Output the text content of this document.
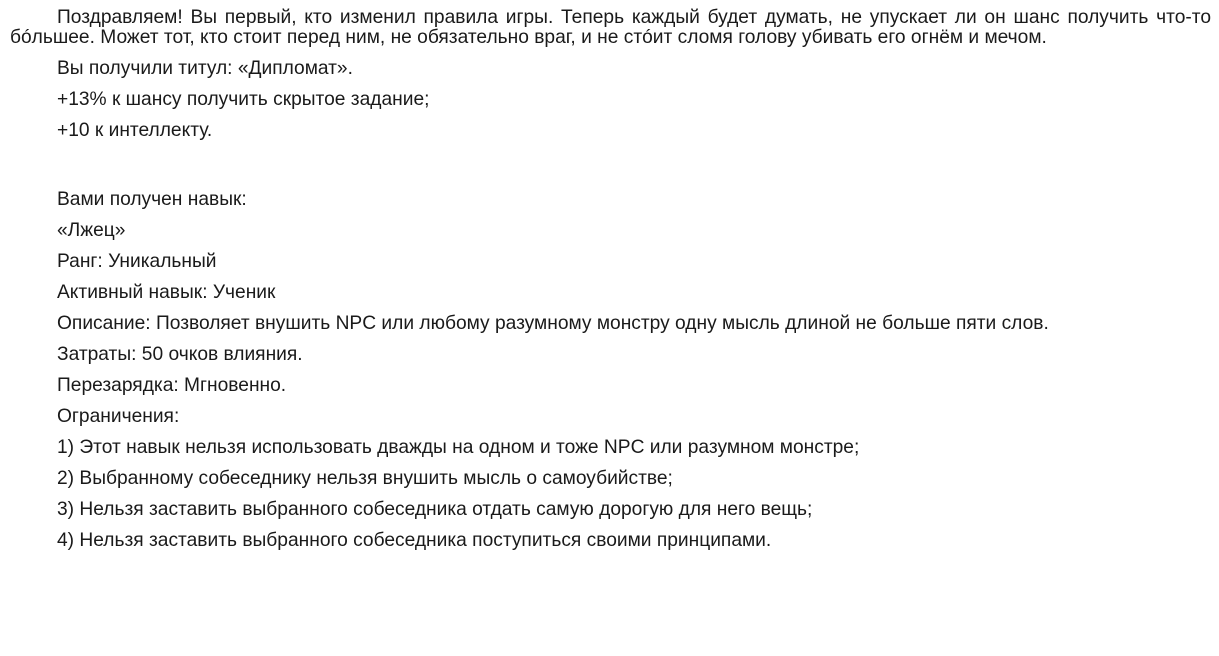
Поздравляем! Вы первый, кто изменил правила игры. Теперь каждый будет думать, не упускает ли он шанс получить что-то бóльшее. Может тот, кто стоит перед ним, не обязательно враг, и не стóит сломя голову убивать его огнём и мечом.

Вы получили титул: «Дипломат».

+13% к шансу получить скрытое задание;

+10 к интеллекту.

Вами получен навык:

«Лжец»

Ранг: Уникальный

Активный навык: Ученик

Описание: Позволяет внушить NPC или любому разумному монстру одну мысль длиной не больше пяти слов.

Затраты: 50 очков влияния.

Перезарядка: Мгновенно.

Ограничения:

1) Этот навык нельзя использовать дважды на одном и тоже NPC или разумном монстре;

2) Выбранному собеседнику нельзя внушить мысль о самоубийстве;

3) Нельзя заставить выбранного собеседника отдать самую дорогую для него вещь;

4) Нельзя заставить выбранного собеседника поступиться своими принципами.
